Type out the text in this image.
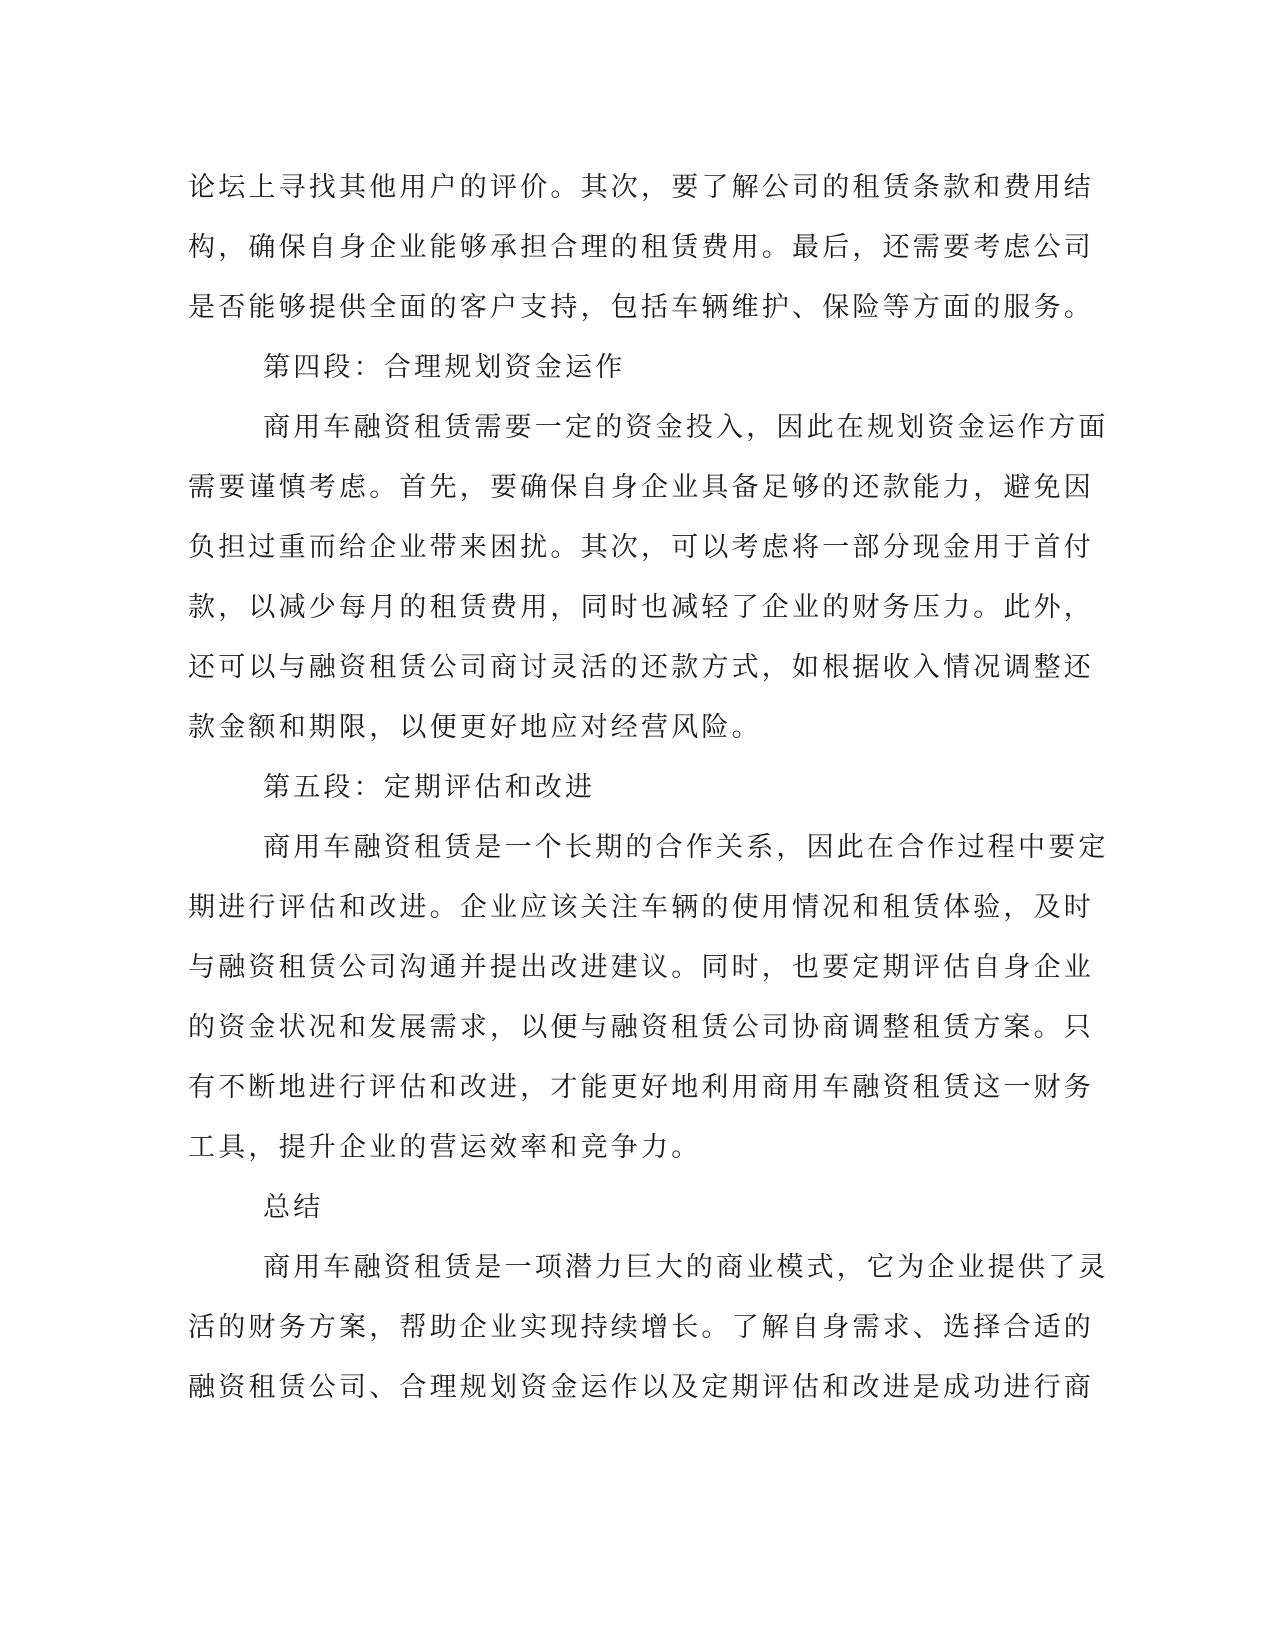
论坛上寻找其他用户的评价。其次，要了解公司的租赁条款和费用结
构，确保自身企业能够承担合理的租赁费用。最后，还需要考虑公司
是否能够提供全面的客户支持，包括车辆维护、保险等方面的服务。
第四段：合理规划资金运作
商用车融资租赁需要一定的资金投入，因此在规划资金运作方面
需要谨慎考虑。首先，要确保自身企业具备足够的还款能力，避免因
负担过重而给企业带来困扰。其次，可以考虑将一部分现金用于首付
款，以减少每月的租赁费用，同时也减轻了企业的财务压力。此外，
还可以与融资租赁公司商讨灵活的还款方式，如根据收入情况调整还
款金额和期限，以便更好地应对经营风险。
第五段：定期评估和改进
商用车融资租赁是一个长期的合作关系，因此在合作过程中要定
期进行评估和改进。企业应该关注车辆的使用情况和租赁体验，及时
与融资租赁公司沟通并提出改进建议。同时，也要定期评估自身企业
的资金状况和发展需求，以便与融资租赁公司协商调整租赁方案。只
有不断地进行评估和改进，才能更好地利用商用车融资租赁这一财务
工具，提升企业的营运效率和竞争力。
总结
商用车融资租赁是一项潜力巨大的商业模式，它为企业提供了灵
活的财务方案，帮助企业实现持续增长。了解自身需求、选择合适的
融资租赁公司、合理规划资金运作以及定期评估和改进是成功进行商
